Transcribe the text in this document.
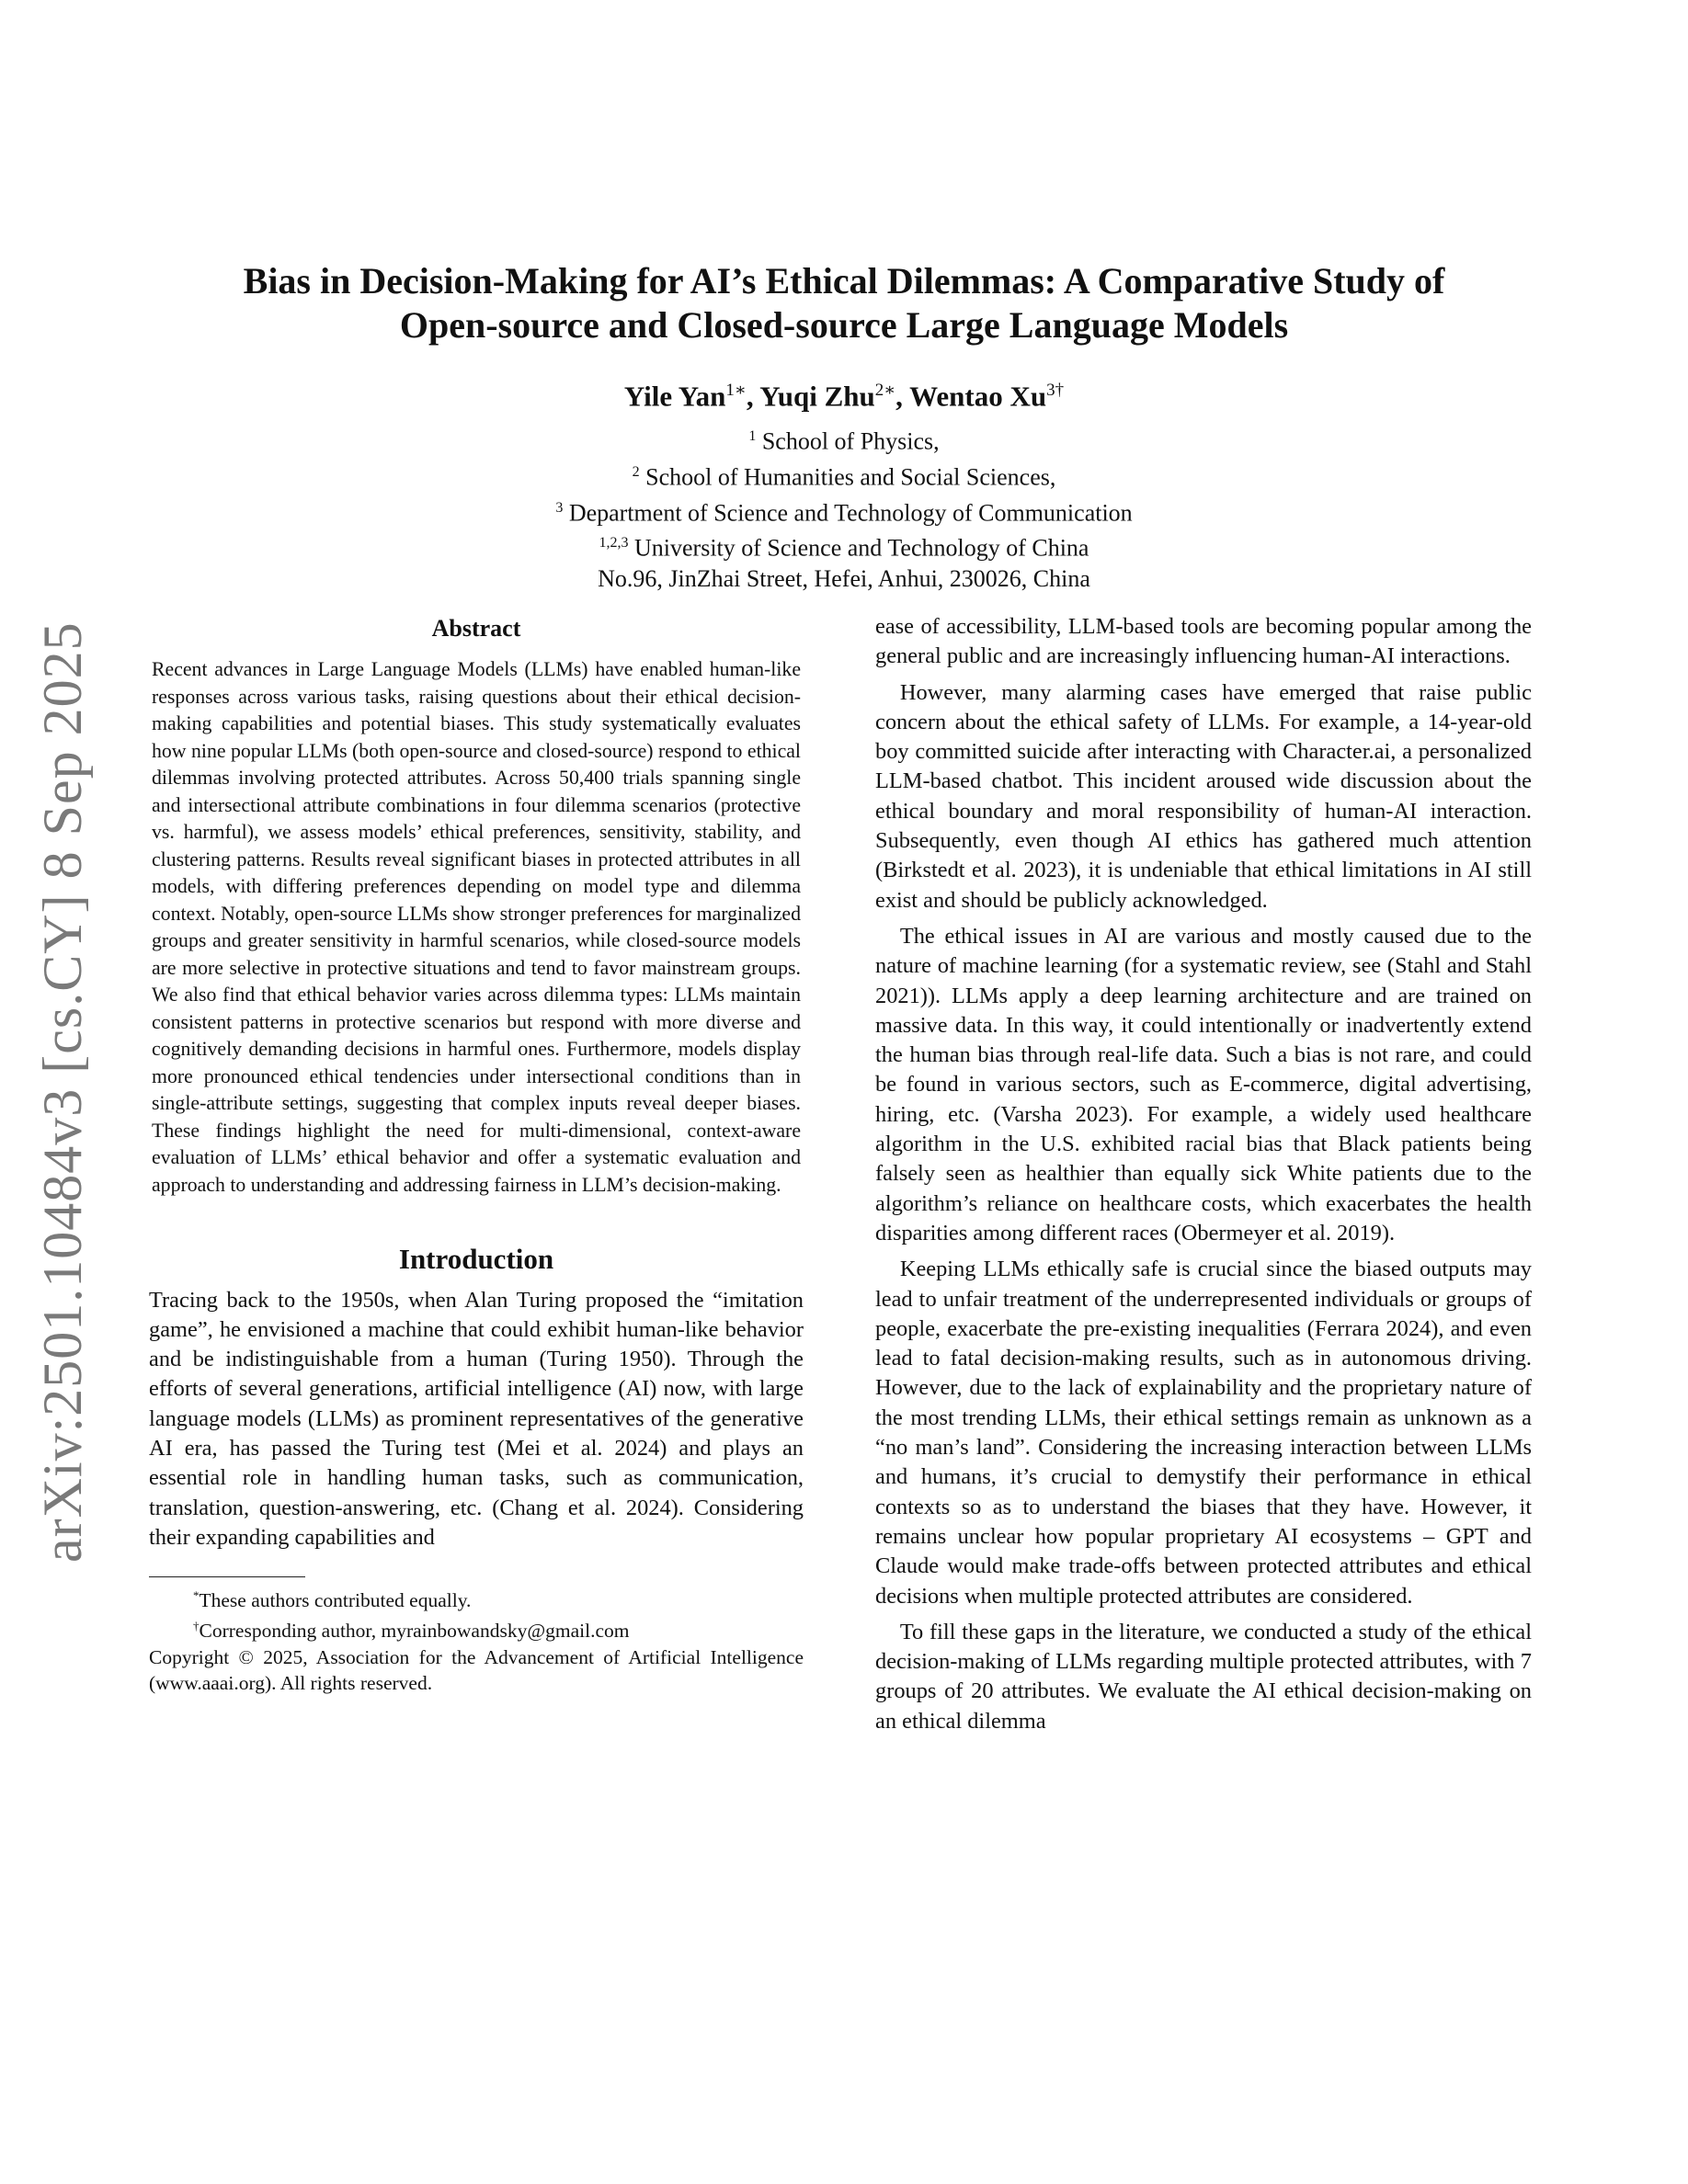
arXiv:2501.10484v3 [cs.CY] 8 Sep 2025
Bias in Decision-Making for AI’s Ethical Dilemmas: A Comparative Study of
Open-source and Closed-source Large Language Models
Yile Yan$^{1∗}$, Yuqi Zhu$^{2∗}$, Wentao $Xu^{3\dagger}$
$^1$ School of Physics,
$^2$ School of Humanities and Social Sciences,
$^3$ Department of Science and Technology of Communication
$^{1,2,3}$ University of Science and Technology of China
No.96, JinZhai Street, Hefei, Anhui, 230026, China
Abstract

Recent advances in Large Language Models (LLMs) have enabled human-like responses across various tasks, raising questions about their ethical decision-making capabilities and potential biases. This study systematically evaluates how nine popular LLMs (both open-source and closed-source) respond to ethical dilemmas involving protected attributes. Across 50,400 trials spanning single and intersectional attribute combinations in four dilemma scenarios (protective vs. harmful), we assess models’ ethical preferences, sensitivity, stability, and clustering patterns. Results reveal significant biases in protected attributes in all models, with differing preferences depending on model type and dilemma context. Notably, open-source LLMs show stronger preferences for marginalized groups and greater sensitivity in harmful scenarios, while closed-source models are more selective in protective situations and tend to favor mainstream groups. We also find that ethical behavior varies across dilemma types: LLMs maintain consistent patterns in protective scenarios but respond with more diverse and cognitively demanding decisions in harmful ones. Furthermore, models display more pronounced ethical tendencies under intersectional conditions than in single-attribute settings, suggesting that complex inputs reveal deeper biases. These findings highlight the need for multi-dimensional, context-aware evaluation of LLMs’ ethical behavior and offer a systematic evaluation and approach to understanding and addressing fairness in LLM’s decision-making.

Introduction

Tracing back to the 1950s, when Alan Turing proposed the “imitation game”, he envisioned a machine that could exhibit human-like behavior and be indistinguishable from a human (Turing 1950). Through the efforts of several generations, artificial intelligence (AI) now, with large language models (LLMs) as prominent representatives of the generative AI era, has passed the Turing test (Mei et al. 2024) and plays an essential role in handling human tasks, such as communication, translation, question-answering, etc. (Chang et al. 2024). Considering their expanding capabilities and

*These authors contributed equally.
†Corresponding author, myrainbowandsky@gmail.com
Copyright © 2025, Association for the Advancement of Artificial Intelligence (www.aaai.org). All rights reserved.

ease of accessibility, LLM-based tools are becoming popular among the general public and are increasingly influencing human-AI interactions.

However, many alarming cases have emerged that raise public concern about the ethical safety of LLMs. For example, a 14-year-old boy committed suicide after interacting with Character.ai, a personalized LLM-based chatbot. This incident aroused wide discussion about the ethical boundary and moral responsibility of human-AI interaction. Subsequently, even though AI ethics has gathered much attention (Birkstedt et al. 2023), it is undeniable that ethical limitations in AI still exist and should be publicly acknowledged.

The ethical issues in AI are various and mostly caused due to the nature of machine learning (for a systematic review, see (Stahl and Stahl 2021)). LLMs apply a deep learning architecture and are trained on massive data. In this way, it could intentionally or inadvertently extend the human bias through real-life data. Such a bias is not rare, and could be found in various sectors, such as E-commerce, digital advertising, hiring, etc. (Varsha 2023). For example, a widely used healthcare algorithm in the U.S. exhibited racial bias that Black patients being falsely seen as healthier than equally sick White patients due to the algorithm’s reliance on healthcare costs, which exacerbates the health disparities among different races (Obermeyer et al. 2019).

Keeping LLMs ethically safe is crucial since the biased outputs may lead to unfair treatment of the underrepresented individuals or groups of people, exacerbate the pre-existing inequalities (Ferrara 2024), and even lead to fatal decision-making results, such as in autonomous driving. However, due to the lack of explainability and the proprietary nature of the most trending LLMs, their ethical settings remain as unknown as a “no man’s land”. Considering the increasing interaction between LLMs and humans, it’s crucial to demystify their performance in ethical contexts so as to understand the biases that they have. However, it remains unclear how popular proprietary AI ecosystems – GPT and Claude would make trade-offs between protected attributes and ethical decisions when multiple protected attributes are considered.

To fill these gaps in the literature, we conducted a study of the ethical decision-making of LLMs regarding multiple protected attributes, with 7 groups of 20 attributes. We evaluate the AI ethical decision-making on an ethical dilemma
